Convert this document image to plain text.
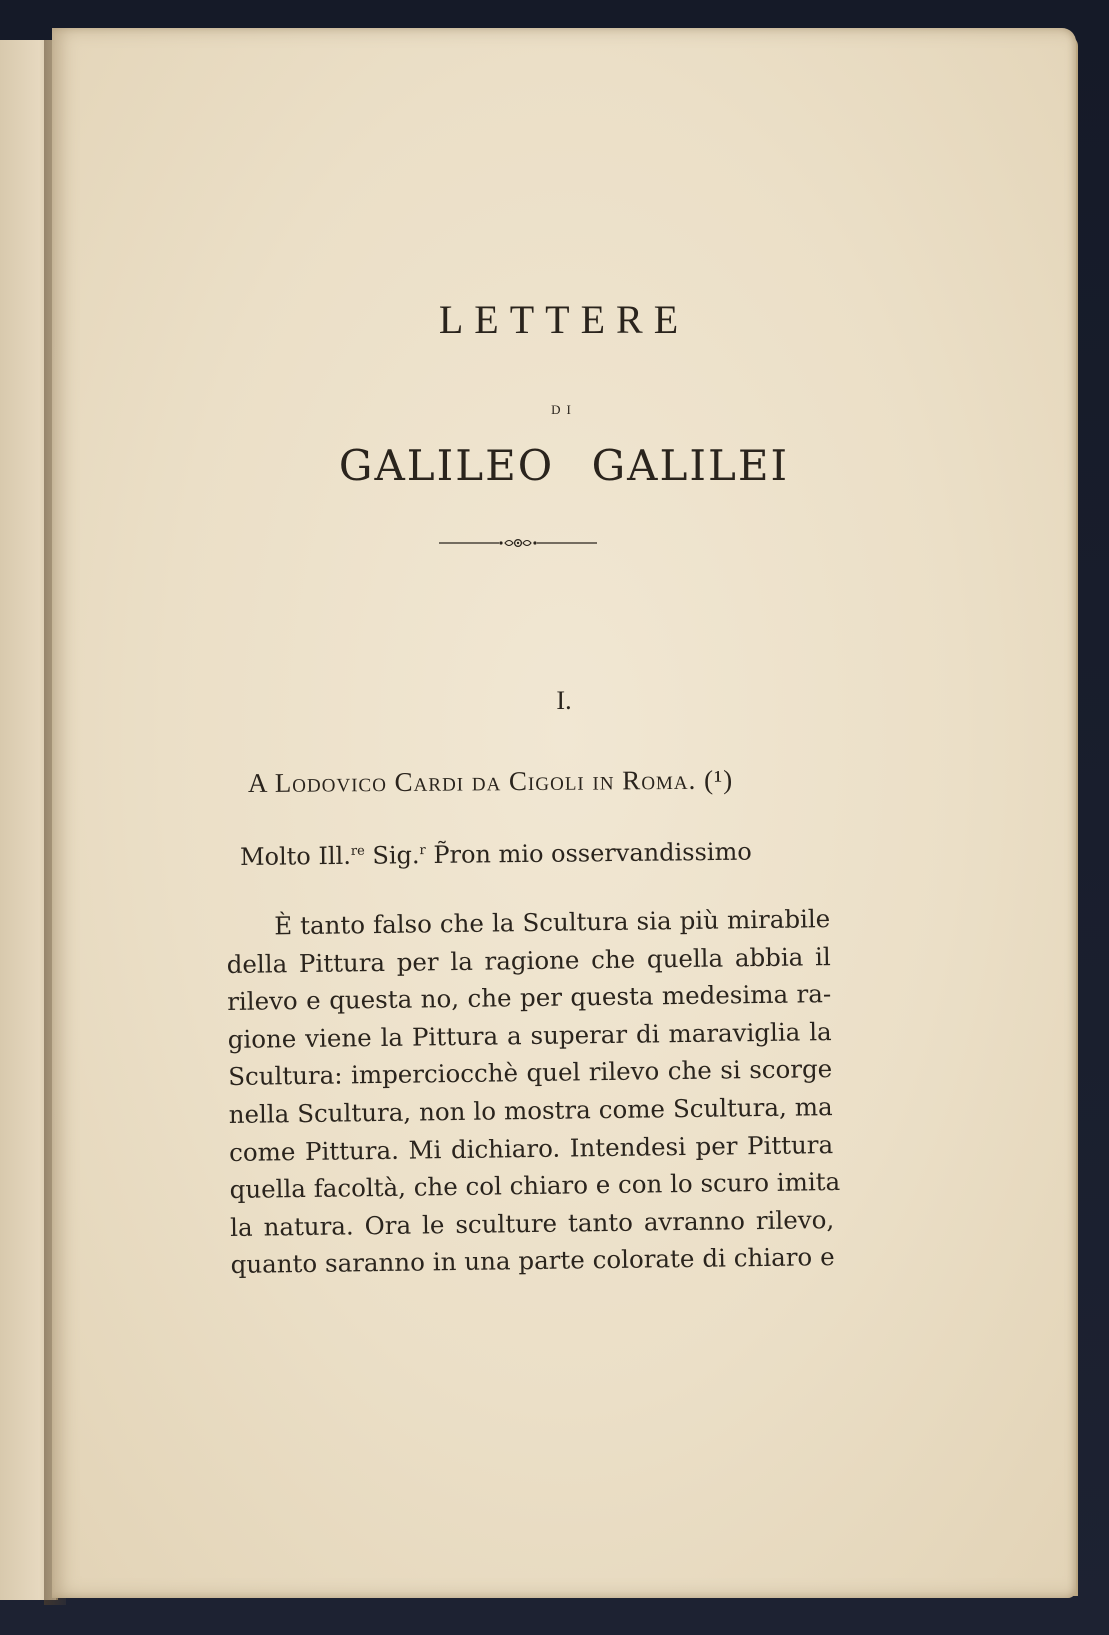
LETTERE

DI

GALILEO GALILEI

I.

A Lodovico Cardi da Cigoli in Roma. (¹)

Molto Ill.$^{re}$ Sig.$^r$ P̃ron mio osservandissimo

È tanto falso che la Scultura sia più mirabile
della Pittura per la ragione che quella abbia il
rilevo e questa no, che per questa medesima ra-
gione viene la Pittura a superar di maraviglia la
Scultura: imperciocchè quel rilevo che si scorge
nella Scultura, non lo mostra come Scultura, ma
come Pittura. Mi dichiaro. Intendesi per Pittura
quella facoltà, che col chiaro e con lo scuro imita
la natura. Ora le sculture tanto avranno rilevo,
quanto saranno in una parte colorate di chiaro e
